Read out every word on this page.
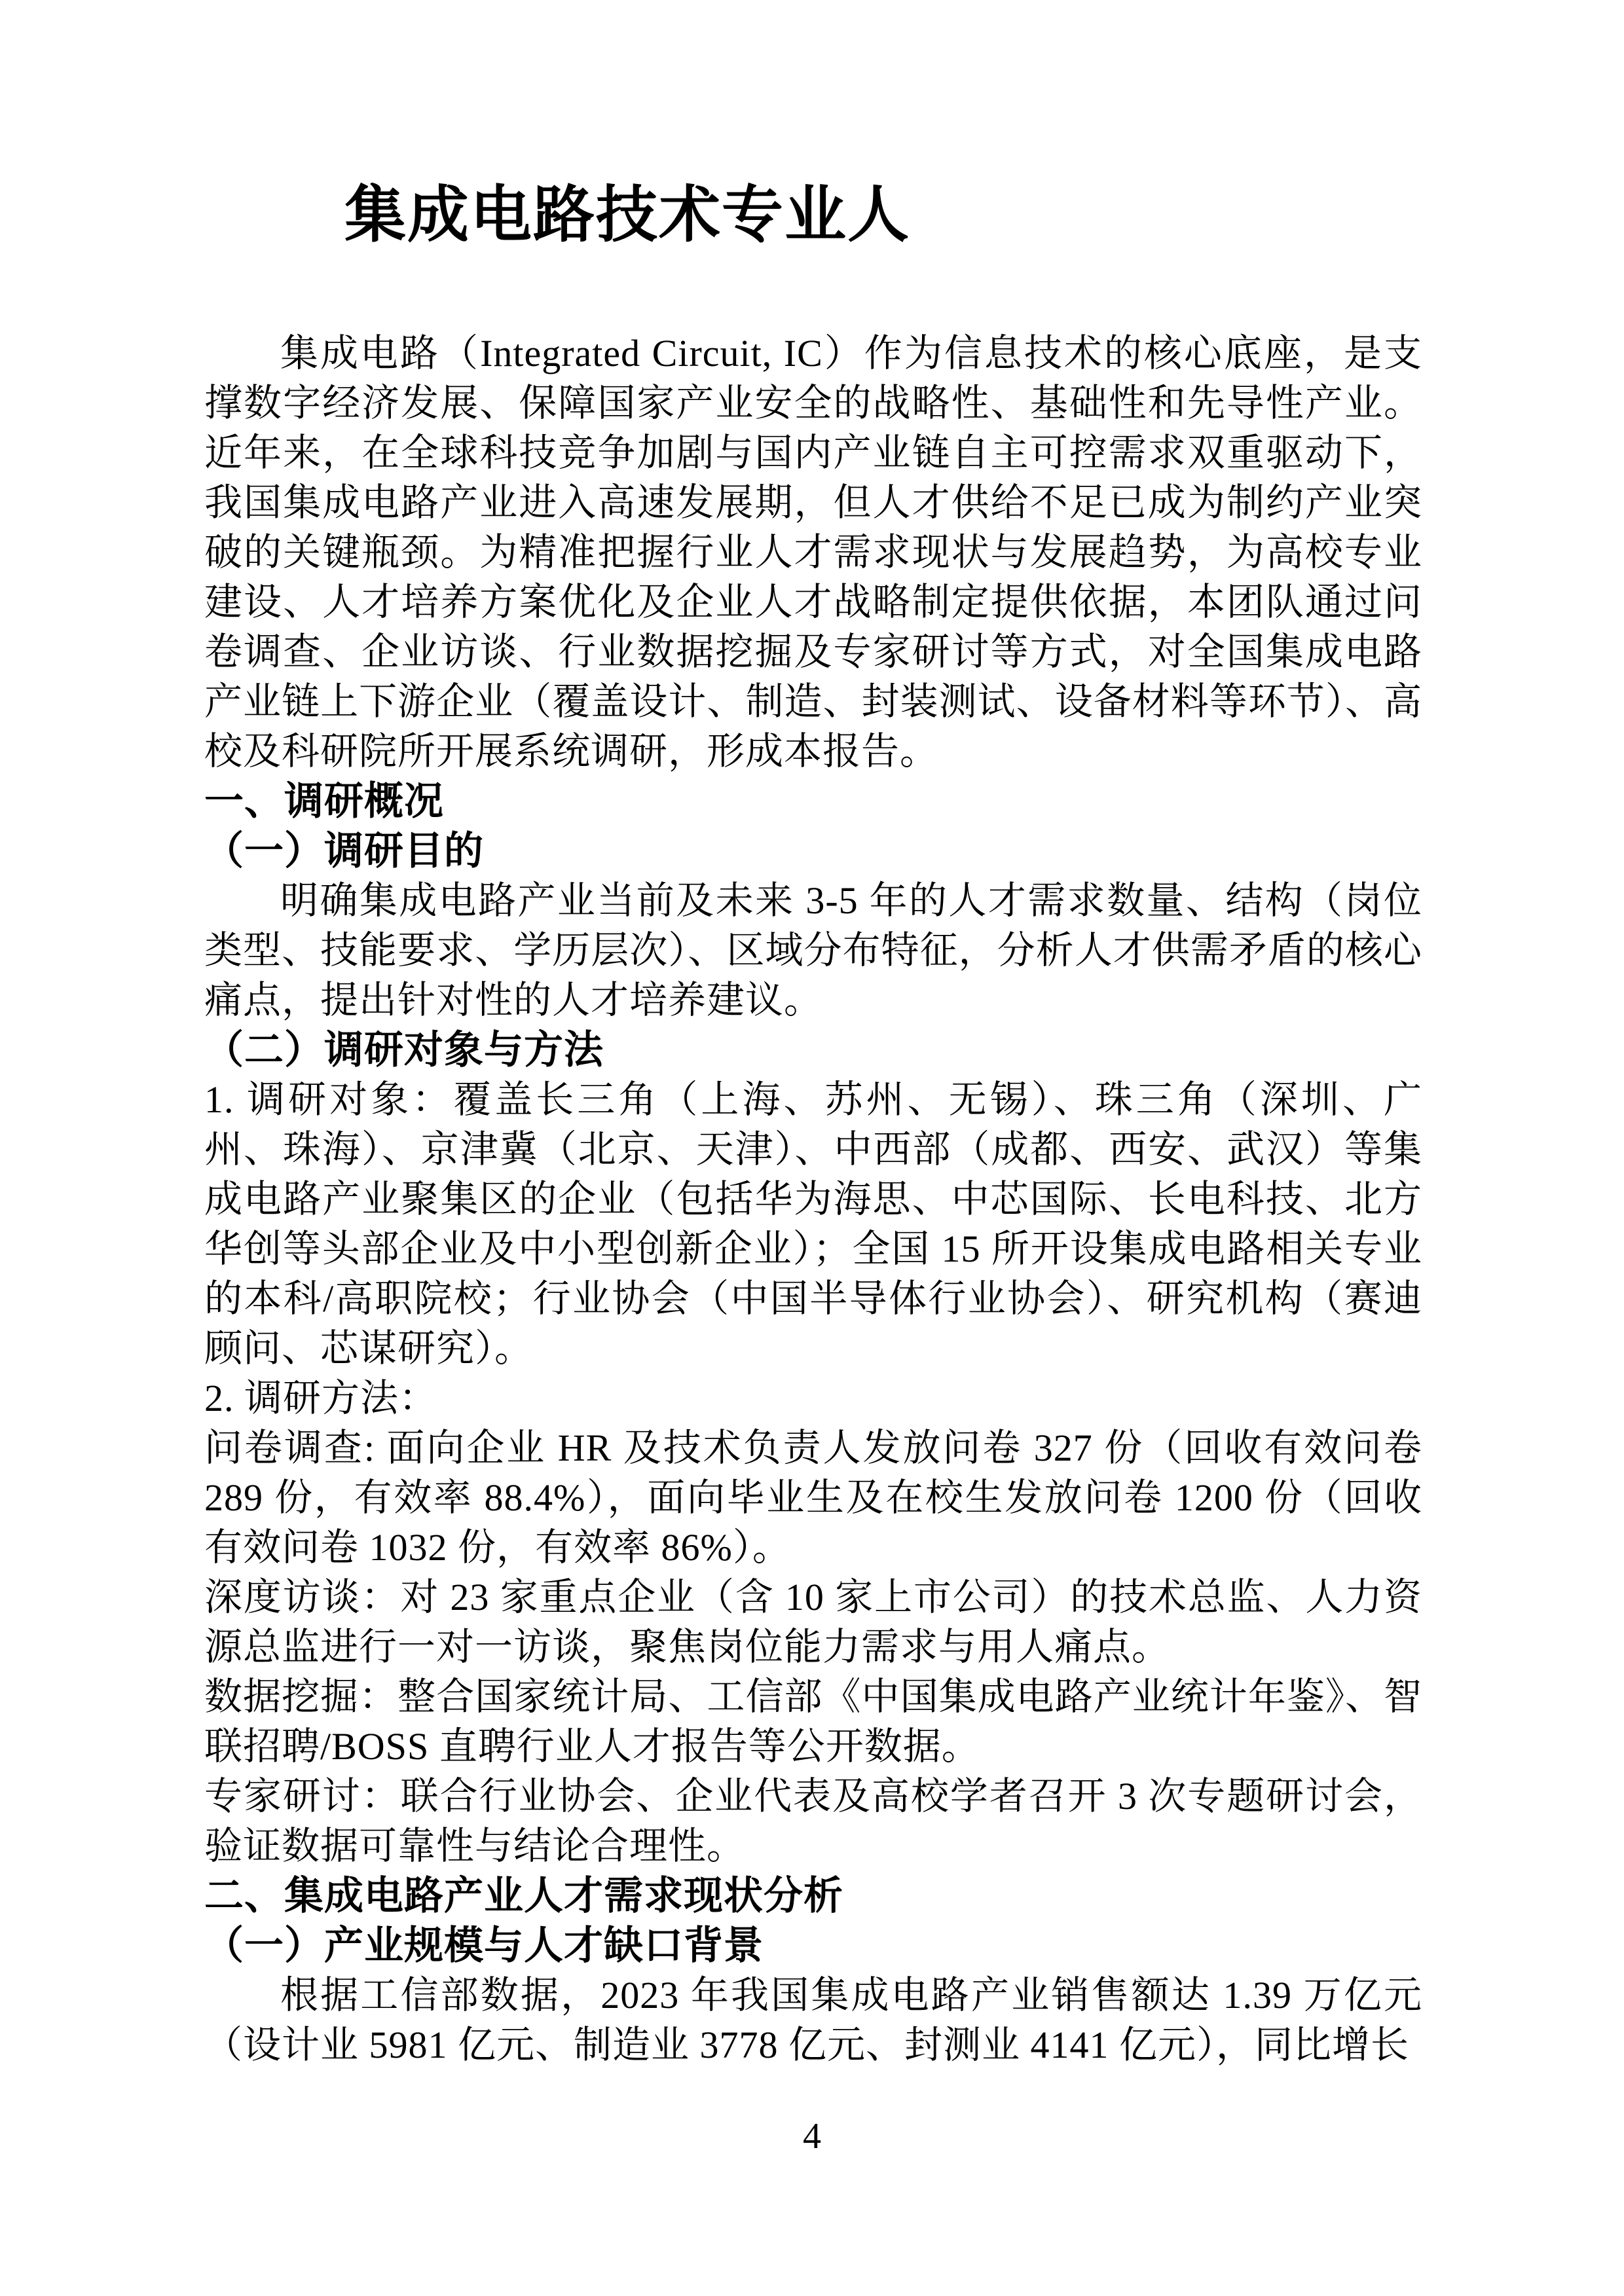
集成电路技术专业人

集成电路（Integrated Circuit, IC）作为信息技术的核心底座，是支撑数字经济发展、保障国家产业安全的战略性、基础性和先导性产业。近年来，在全球科技竞争加剧与国内产业链自主可控需求双重驱动下，我国集成电路产业进入高速发展期，但人才供给不足已成为制约产业突破的关键瓶颈。为精准把握行业人才需求现状与发展趋势，为高校专业建设、人才培养方案优化及企业人才战略制定提供依据，本团队通过问卷调查、企业访谈、行业数据挖掘及专家研讨等方式，对全国集成电路产业链上下游企业（覆盖设计、制造、封装测试、设备材料等环节）、高校及科研院所开展系统调研，形成本报告。

一、调研概况

（一）调研目的

明确集成电路产业当前及未来 3-5 年的人才需求数量、结构（岗位类型、技能要求、学历层次）、区域分布特征，分析人才供需矛盾的核心痛点，提出针对性的人才培养建议。

（二）调研对象与方法

1. 调研对象：覆盖长三角（上海、苏州、无锡）、珠三角（深圳、广州、珠海）、京津冀（北京、天津）、中西部（成都、西安、武汉）等集成电路产业聚集区的企业（包括华为海思、中芯国际、长电科技、北方华创等头部企业及中小型创新企业）；全国 15 所开设集成电路相关专业的本科/高职院校；行业协会（中国半导体行业协会）、研究机构（赛迪顾问、芯谋研究）。

2. 调研方法：

问卷调查: 面向企业 HR 及技术负责人发放问卷 327 份（回收有效问卷 289 份，有效率 88.4%），面向毕业生及在校生发放问卷 1200 份（回收有效问卷 1032 份，有效率 86%）。

深度访谈：对 23 家重点企业（含 10 家上市公司）的技术总监、人力资源总监进行一对一访谈，聚焦岗位能力需求与用人痛点。

数据挖掘：整合国家统计局、工信部《中国集成电路产业统计年鉴》、智联招聘/BOSS 直聘行业人才报告等公开数据。

专家研讨：联合行业协会、企业代表及高校学者召开 3 次专题研讨会，验证数据可靠性与结论合理性。

二、集成电路产业人才需求现状分析

（一）产业规模与人才缺口背景

根据工信部数据，2023 年我国集成电路产业销售额达 1.39 万亿元（设计业 5981 亿元、制造业 3778 亿元、封测业 4141 亿元），同比增长

4
